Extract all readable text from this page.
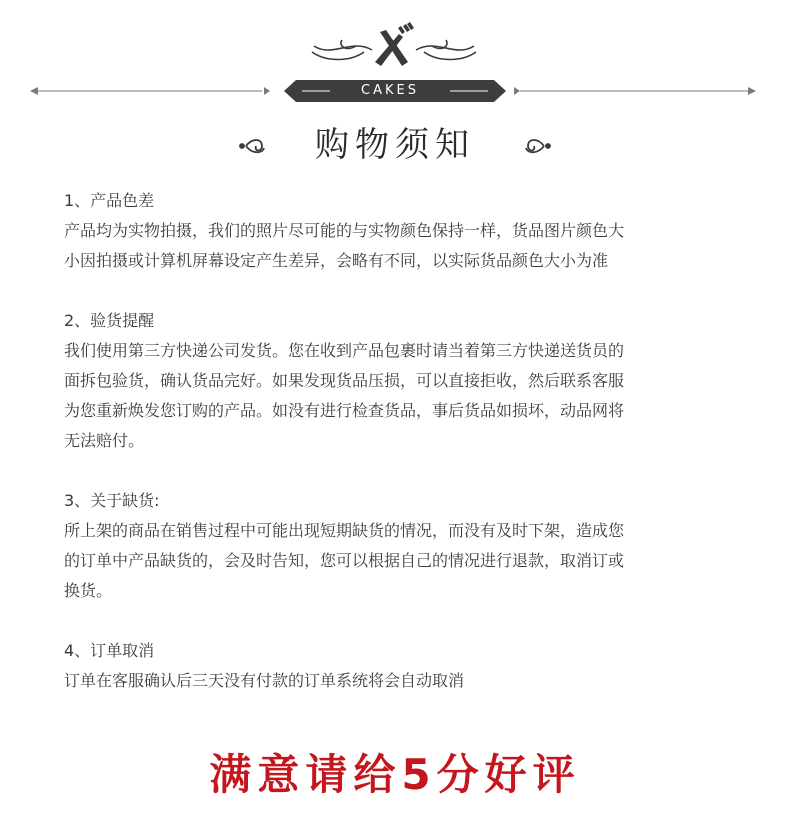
CAKES
购物须知
1、产品色差
产品均为实物拍摄，我们的照片尽可能的与实物颜色保持一样，货品图片颜色大
小因拍摄或计算机屏幕设定产生差异，会略有不同，以实际货品颜色大小为准
2、验货提醒
我们使用第三方快递公司发货。您在收到产品包裹时请当着第三方快递送货员的
面拆包验货，确认货品完好。如果发现货品压损，可以直接拒收，然后联系客服
为您重新焕发您订购的产品。如没有进行检查货品，事后货品如损坏，动品网将
无法赔付。
3、关于缺货:
所上架的商品在销售过程中可能出现短期缺货的情况，而没有及时下架，造成您
的订单中产品缺货的，会及时告知，您可以根据自己的情况进行退款，取消订或
换货。
4、订单取消
订单在客服确认后三天没有付款的订单系统将会自动取消
满意请给5分好评
